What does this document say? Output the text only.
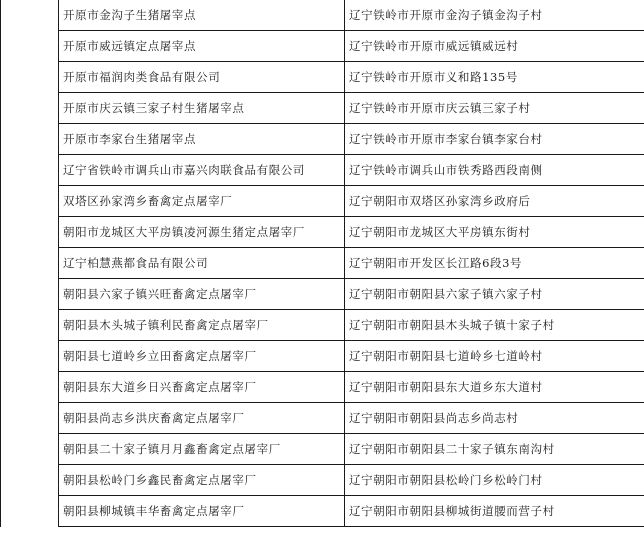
	开原市金沟子生猪屠宰点	辽宁铁岭市开原市金沟子镇金沟子村
	开原市威远镇定点屠宰点	辽宁铁岭市开原市威远镇威远村
	开原市福润肉类食品有限公司	辽宁铁岭市开原市义和路135号
	开原市庆云镇三家子村生猪屠宰点	辽宁铁岭市开原市庆云镇三家子村
	开原市李家台生猪屠宰点	辽宁铁岭市开原市李家台镇李家台村
	辽宁省铁岭市调兵山市嘉兴肉联食品有限公司	辽宁铁岭市调兵山市铁秀路西段南侧
	双塔区孙家湾乡畜禽定点屠宰厂	辽宁朝阳市双塔区孙家湾乡政府后
	朝阳市龙城区大平房镇凌河源生猪定点屠宰厂	辽宁朝阳市龙城区大平房镇东街村
	辽宁柏慧燕都食品有限公司	辽宁朝阳市开发区长江路6段3号
	朝阳县六家子镇兴旺畜禽定点屠宰厂	辽宁朝阳市朝阳县六家子镇六家子村
	朝阳县木头城子镇利民畜禽定点屠宰厂	辽宁朝阳市朝阳县木头城子镇十家子村
	朝阳县七道岭乡立田畜禽定点屠宰厂	辽宁朝阳市朝阳县七道岭乡七道岭村
	朝阳县东大道乡日兴畜禽定点屠宰厂	辽宁朝阳市朝阳县东大道乡东大道村
	朝阳县尚志乡洪庆畜禽定点屠宰厂	辽宁朝阳市朝阳县尚志乡尚志村
	朝阳县二十家子镇月月鑫畜禽定点屠宰厂	辽宁朝阳市朝阳县二十家子镇东南沟村
	朝阳县松岭门乡鑫民畜禽定点屠宰厂	辽宁朝阳市朝阳县松岭门乡松岭门村
	朝阳县柳城镇丰华畜禽定点屠宰厂	辽宁朝阳市朝阳县柳城街道腰而营子村
